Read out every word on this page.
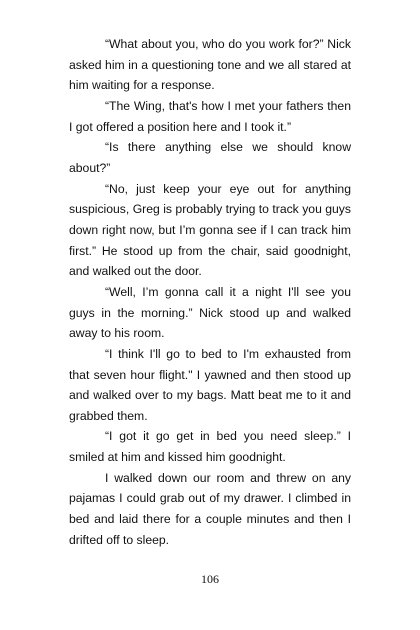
“What about you, who do you work for?” Nick asked him in a questioning tone and we all stared at him waiting for a response.

“The Wing, that's how I met your fathers then I got offered a position here and I took it.”

“Is there anything else we should know about?”

“No, just keep your eye out for anything suspicious, Greg is probably trying to track you guys down right now, but I’m gonna see if I can track him first.” He stood up from the chair, said goodnight, and walked out the door.

“Well, I’m gonna call it a night I'll see you guys in the morning.” Nick stood up and walked away to his room.

“I think I'll go to bed to I'm exhausted from that seven hour flight." I yawned and then stood up and walked over to my bags. Matt beat me to it and grabbed them.

“I got it go get in bed you need sleep.” I smiled at him and kissed him goodnight.

I walked down our room and threw on any pajamas I could grab out of my drawer. I climbed in bed and laid there for a couple minutes and then I drifted off to sleep.

106
